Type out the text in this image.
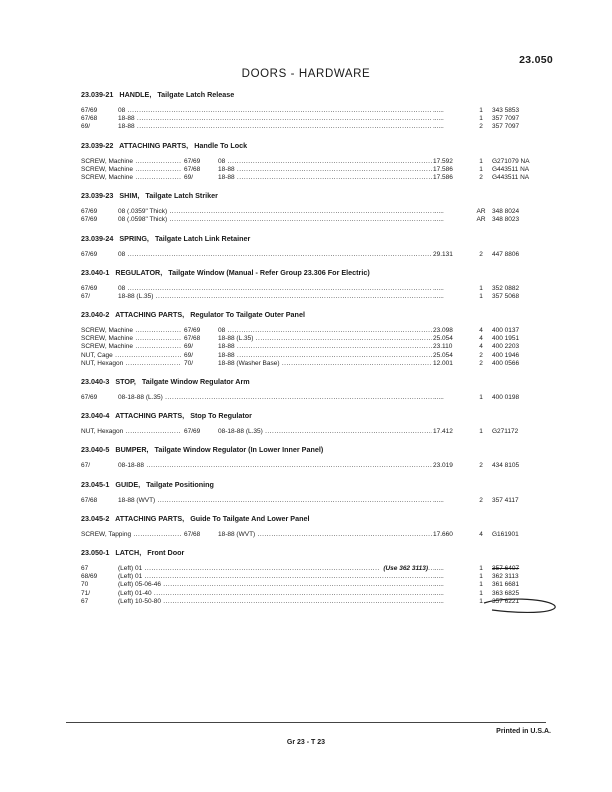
23.050
DOORS - HARDWARE
23.039-21 HANDLE, Tailgate Latch Release
67/69	08 .....	......	1	343 5853
67/68	18-88 .....	......	1	357 7097
69/	18-88 .....	......	2	357 7097
23.039-22 ATTACHING PARTS, Handle To Lock
SCREW, Machine .....	67/69	08 .....	17.592	1	G271079 NA
SCREW, Machine .....	67/68	18-88 .....	17.586	1	G443511 NA
SCREW, Machine .....	69/	18-88 .....	17.586	2	G443511 NA
23.039-23 SHIM, Tailgate Latch Striker
67/69	08 (.0359" Thick) .....	......	AR 348 8024
67/69	08 (.0598" Thick) .....	......	AR 348 8023
23.039-24 SPRING, Tailgate Latch Link Retainer
67/69	08 .....	29.131	2	447 8806
23.040-1 REGULATOR, Tailgate Window (Manual - Refer Group 23.306 For Electric)
67/69	08 .....	......	1	352 0882
67/	18-88 (L.35) .....	......	1	357 5068
23.040-2 ATTACHING PARTS, Regulator To Tailgate Outer Panel
SCREW, Machine .....	67/69	08 .....	23.098	4	400 0137
SCREW, Machine .....	67/68	18-88 (L.35) .....	25.054	4	400 1951
SCREW, Machine .....	69/	18-88 .....	23.110	4	400 2203
NUT, Cage .....	69/	18-88 .....	25.054	2	400 1946
NUT, Hexagon .....	70/	18-88 (Washer Base) .....	12.001	2	400 0566
23.040-3 STOP, Tailgate Window Regulator Arm
67/69	08-18-88 (L.35) .....	......	1	400 0198
23.040-4 ATTACHING PARTS, Stop To Regulator
NUT, Hexagon .....	67/69	08-18-88 (L.35) .....	17.412	1	G271172
23.040-5 BUMPER, Tailgate Window Regulator (In Lower Inner Panel)
67/	08-18-88 .....	23.019	2	434 8105
23.045-1 GUIDE, Tailgate Positioning
67/68	18-88 (WVT) .....	......	2	357 4117
23.045-2 ATTACHING PARTS, Guide To Tailgate And Lower Panel
SCREW, Tapping .....	67/68	18-88 (WVT) .....	17.660	4	G161901
23.050-1 LATCH, Front Door
67	(Left) 01 .....	(Use 362 3113) ......	1	357 6407
68/69	(Left) 01 .....	......	1	362 3113
70	(Left) 05-06-46 .....	......	1	361 6681
71/	(Left) 01-40 .....	......	1	363 6825
67	(Left) 10-50-80 .....	......	1	357 6221
Printed in U.S.A.
Gr 23 - T 23
